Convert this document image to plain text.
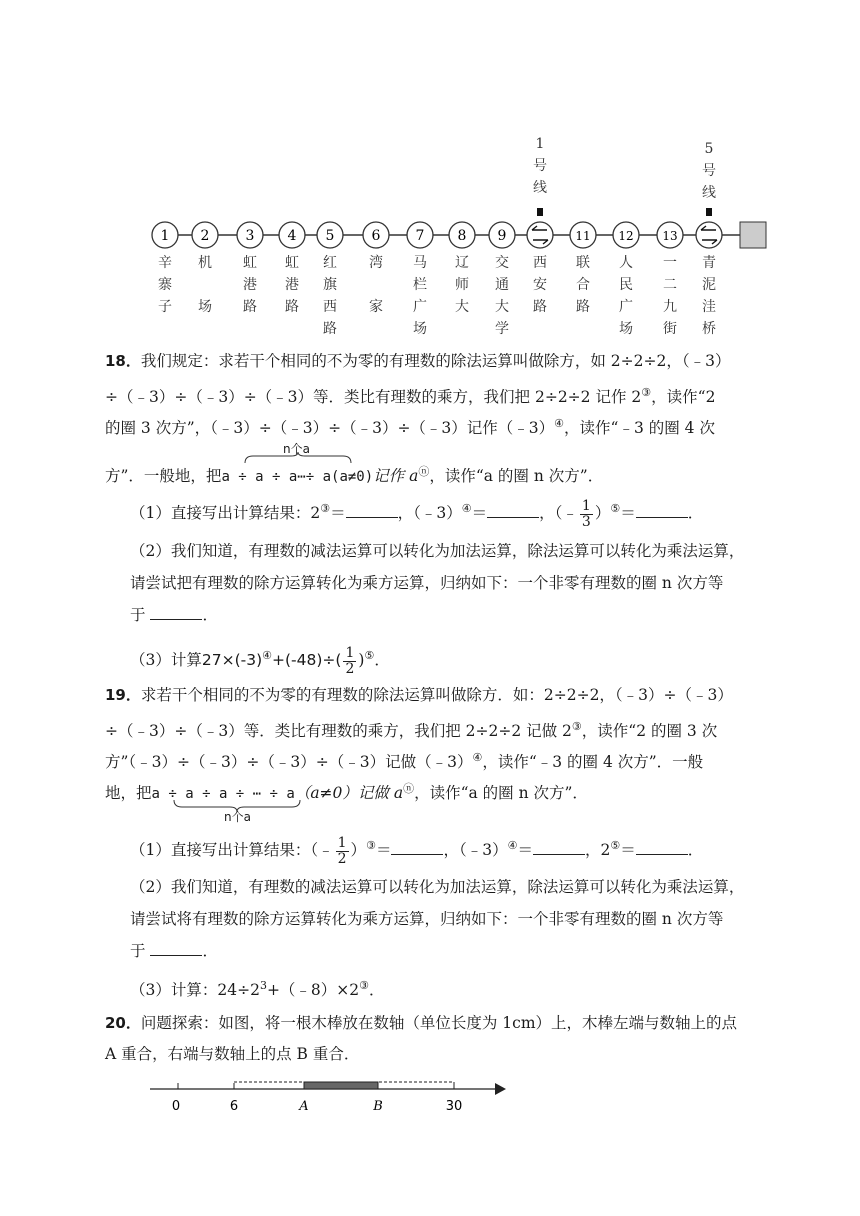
1 2	3 4 5	6	7 8 9	11 12 13
1
号
线
5
号
线
辛
寨
子
机

场
虹
港
路
虹
港
路
红
旗
西
路
湾

家
马
栏
广
场
辽
师
大
交
通
大
学
西
安
路
联
合
路
人
民
广
场
一
二
九
街
青
泥
洼
桥
18．我们规定：求若干个相同的不为零的有理数的除法运算叫做除方，如 2÷2÷2，（﹣3）
÷（﹣3）÷（﹣3）÷（﹣3）等．类比有理数的乘方，我们把 2÷2÷2 记作 2③，读作“2
的圈 3 次方”，（﹣3）÷（﹣3）÷（﹣3）÷（﹣3）记作（﹣3）④，读作“﹣3 的圈 4 次
n个a
方”．一般地，把a ÷ a ÷ a⋯÷ a(a≠0)记作 aⓝ，读作“a 的圈 n 次方”．
（1）直接写出计算结果：2③＝	，（﹣3）④＝	，（﹣ $\frac{1}{3} )^⑤=$	．
（2）我们知道，有理数的减法运算可以转化为加法运算，除法运算可以转化为乘法运算，
请尝试把有理数的除方运算转化为乘方运算，归纳如下：一个非零有理数的圈 n 次方等
于	．
（3）计算$27\times(-3)^④+(-48)\div( \frac{1}{2} )^⑤$．
19．求若干个相同的不为零的有理数的除法运算叫做除方．如：2÷2÷2，（﹣3）÷（﹣3）
÷（﹣3）÷（﹣3）等．类比有理数的乘方，我们把 2÷2÷2 记做 2③，读作“2 的圈 3 次
方”（﹣3）÷（﹣3）÷（﹣3）÷（﹣3）记做（﹣3）④，读作“﹣3 的圈 4 次方”．一般
地，把a ÷ a ÷ a ÷ ⋯ ÷ a（a≠0）记做 aⓝ，读作“a 的圈 n 次方”．
n个a
（1）直接写出计算结果：（﹣ $\frac{1}{2} )^③=$	，（﹣3）④＝	，2⑤＝	．
（2）我们知道，有理数的减法运算可以转化为加法运算，除法运算可以转化为乘法运算，
请尝试将有理数的除方运算转化为乘方运算，归纳如下：一个非零有理数的圈 n 次方等
于	．
（3）计算：$24\div 2^3+(﹣8)\times 2^③$．
20．问题探索：如图，将一根木棒放在数轴（单位长度为 1cm）上，木棒左端与数轴上的点
A 重合，右端与数轴上的点 B 重合．
0	6	A	B	30
